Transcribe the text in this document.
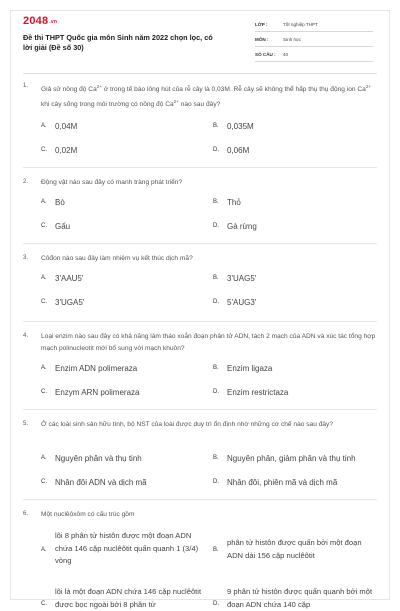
2048.vn
Đề thi THPT Quốc gia môn Sinh năm 2022 chọn lọc, có lời giải (Đề số 30)
LỚP :	Tốt nghiệp THPT
MÔN :	Sinh học
SỐ CÂU : 40
1.
Giả sử nồng độ $Ca^{2+}$ ở trong tế bào lông hút của rễ cây là 0,03M. Rễ cây sẽ không thể hấp thụ thụ động ion $Ca^{2+}$ khi cây sống trong môi trường có nồng độ $Ca^{2+}$ nào sau đây?
A. 0,04M	B. 0,035M
C. 0,02M	D. 0,06M
2. Động vật nào sau đây có manh tràng phát triển?
A. Bò	B. Thỏ
C. Gấu	D. Gà rừng
3. Côđon nào sau đây làm nhiệm vụ kết thúc dịch mã?
A. 3'AAU5'	B. 3'UAG5'
C. 3'UGA5'	D. 5'AUG3'
4. Loại enzim nào sau đây có khả năng làm tháo xoắn đoạn phân tử ADN, tách 2 mạch của ADN và xúc tác tổng hợp mạch polinucleotit mới bổ sung với mạch khuôn?
A. Enzim ADN polimeraza	B. Enzim ligaza
C. Enzym ARN polimeraza	D. Enzim restrictaza
5. Ở các loài sinh sản hữu tính, bộ NST của loài được duy trì ổn định nhờ những cơ chế nào sau đây?
A. Nguyên phân và thụ tinh	B. Nguyên phân, giảm phân và thụ tinh
C. Nhân đôi ADN và dịch mã	D. Nhân đôi, phiên mã và dịch mã
6. Một nuclêôxôm có cấu trúc gồm
A.
lõi 8 phân tử histôn được một đoạn ADN chứa 146 cặp nuclêôtit quấn quanh 1 (3/4) vòng
B.
phân tử histôn được quấn bởi một đoạn ADN dài 156 cặp nuclêôtit
C.
lõi là một đoạn ADN chứa 146 cặp nuclêôtit được bọc ngoài bởi 8 phân tử	D.
9 phân tử histôn được quấn quanh bởi một đoạn ADN chứa 140 cặp
